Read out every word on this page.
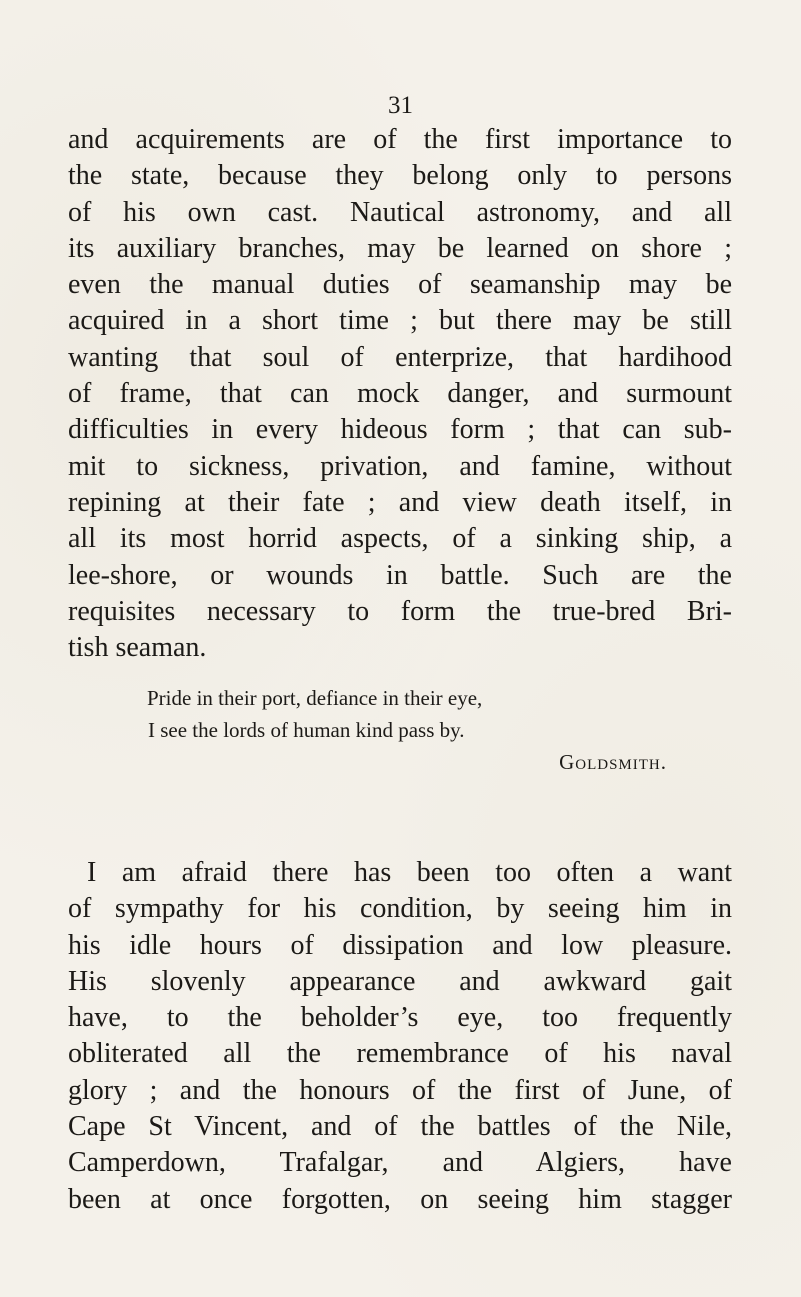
31
and acquirements are of the first importance to
the state, because they belong only to persons
of his own cast. Nautical astronomy, and all
its auxiliary branches, may be learned on shore ;
even the manual duties of seamanship may be
acquired in a short time ; but there may be still
wanting that soul of enterprize, that hardihood
of frame, that can mock danger, and surmount
difficulties in every hideous form ; that can sub-
mit to sickness, privation, and famine, without
repining at their fate ; and view death itself, in
all its most horrid aspects, of a sinking ship, a
lee-shore, or wounds in battle. Such are the
requisites necessary to form the true-bred Bri-
tish seaman.
Pride in their port, defiance in their eye,
I see the lords of human kind pass by.
Goldsmith.
I am afraid there has been too often a want
of sympathy for his condition, by seeing him in
his idle hours of dissipation and low pleasure.
His slovenly appearance and awkward gait
have, to the beholder’s eye, too frequently
obliterated all the remembrance of his naval
glory ; and the honours of the first of June, of
Cape St Vincent, and of the battles of the Nile,
Camperdown, Trafalgar, and Algiers, have
been at once forgotten, on seeing him stagger
